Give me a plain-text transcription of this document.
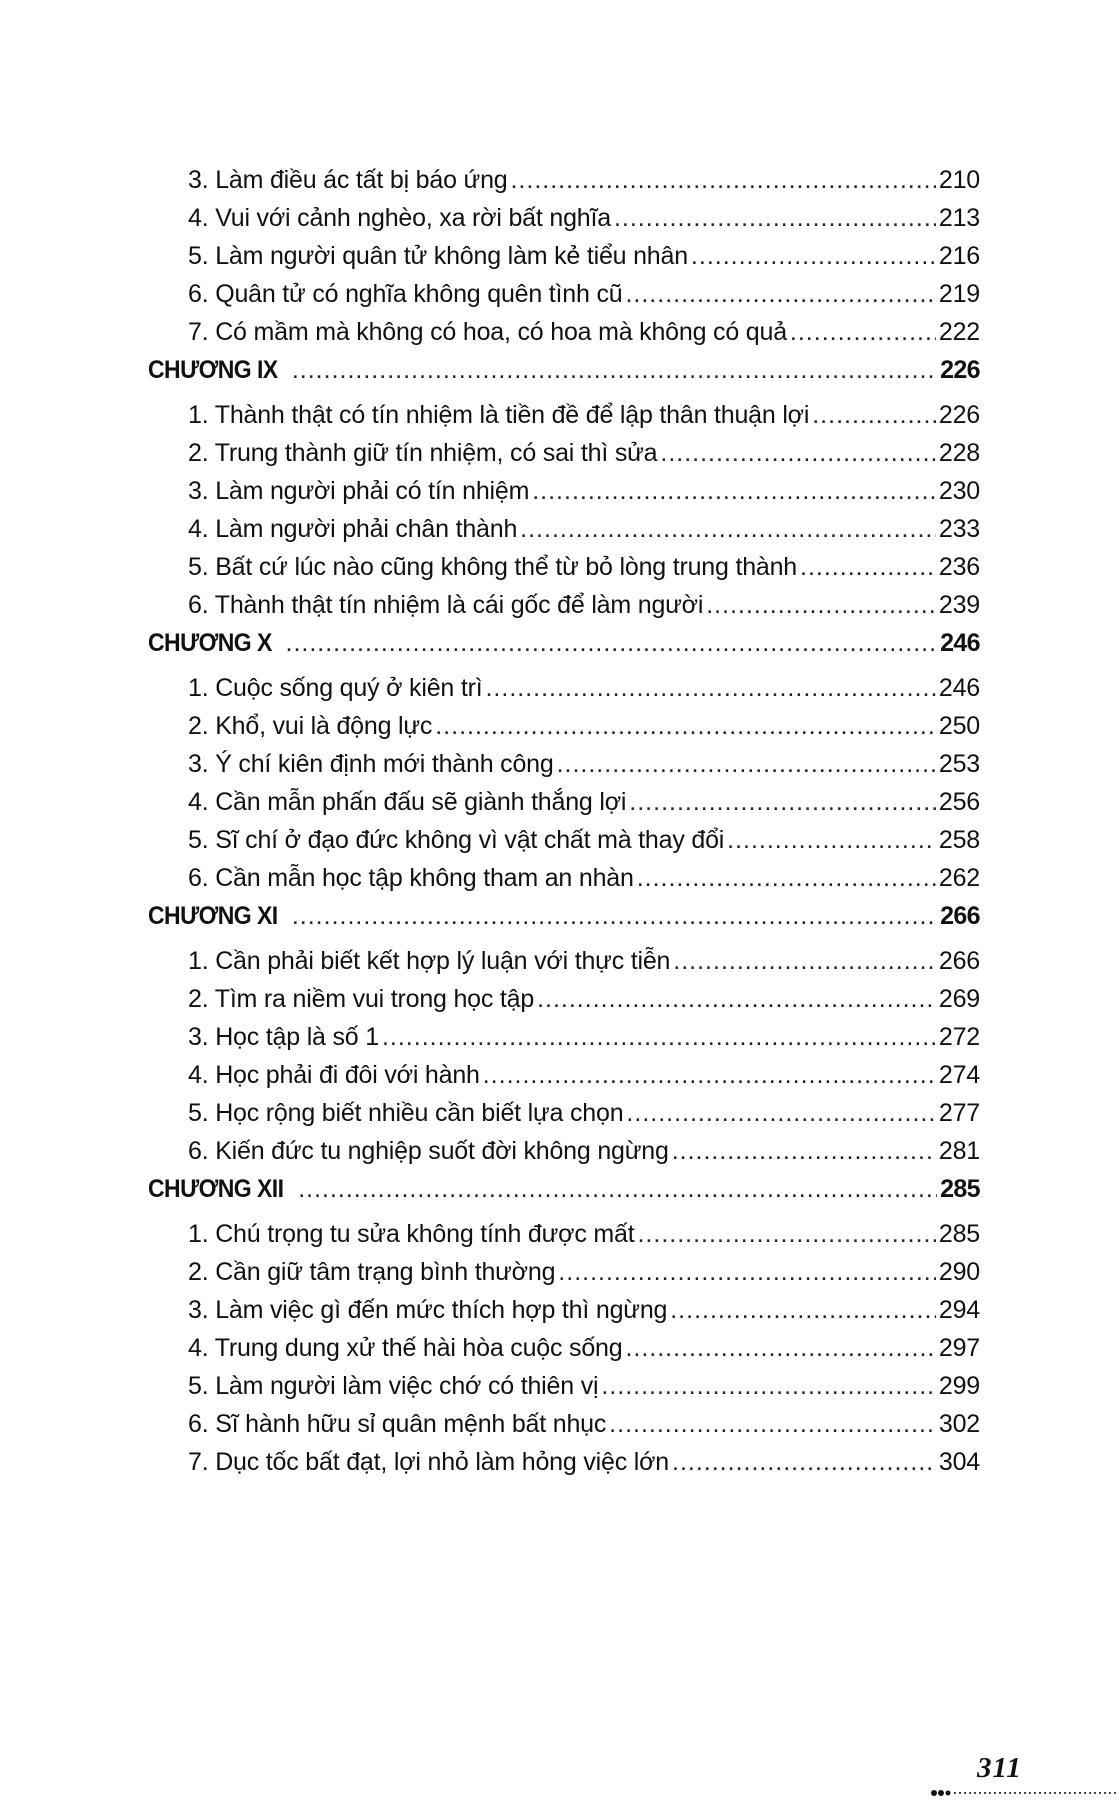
3. Làm điều ác tất bị báo ứng .....	210
4. Vui với cảnh nghèo, xa rời bất nghĩa .....	213
5. Làm người quân tử không làm kẻ tiểu nhân .....	216
6. Quân tử có nghĩa không quên tình cũ .....	219
7. Có mầm mà không có hoa, có hoa mà không có quả .....	222
CHƯƠNG IX .....	226
1. Thành thật có tín nhiệm là tiền đề để lập thân thuận lợi .....	226
2. Trung thành giữ tín nhiệm, có sai thì sửa .....	228
3. Làm người phải có tín nhiệm .....	230
4. Làm người phải chân thành .....	233
5. Bất cứ lúc nào cũng không thể từ bỏ lòng trung thành .....	236
6. Thành thật tín nhiệm là cái gốc để làm người .....	239
CHƯƠNG X .....	246
1. Cuộc sống quý ở kiên trì .....	246
2. Khổ, vui là động lực .....	250
3. Ý chí kiên định mới thành công .....	253
4. Cần mẫn phấn đấu sẽ giành thắng lợi .....	256
5. Sĩ chí ở đạo đức không vì vật chất mà thay đổi .....	258
6. Cần mẫn học tập không tham an nhàn .....	262
CHƯƠNG XI .....	266
1. Cần phải biết kết hợp lý luận với thực tiễn .....	266
2. Tìm ra niềm vui trong học tập .....	269
3. Học tập là số 1 .....	272
4. Học phải đi đôi với hành .....	274
5. Học rộng biết nhiều cần biết lựa chọn .....	277
6. Kiến đức tu nghiệp suốt đời không ngừng .....	281
CHƯƠNG XII .....	285
1. Chú trọng tu sửa không tính được mất .....	285
2. Cần giữ tâm trạng bình thường .....	290
3. Làm việc gì đến mức thích hợp thì ngừng .....	294
4. Trung dung xử thế hài hòa cuộc sống .....	297
5. Làm người làm việc chớ có thiên vị .....	299
6. Sĩ hành hữu sỉ quân mệnh bất nhục .....	302
7. Dục tốc bất đạt, lợi nhỏ làm hỏng việc lớn .....	304
311
